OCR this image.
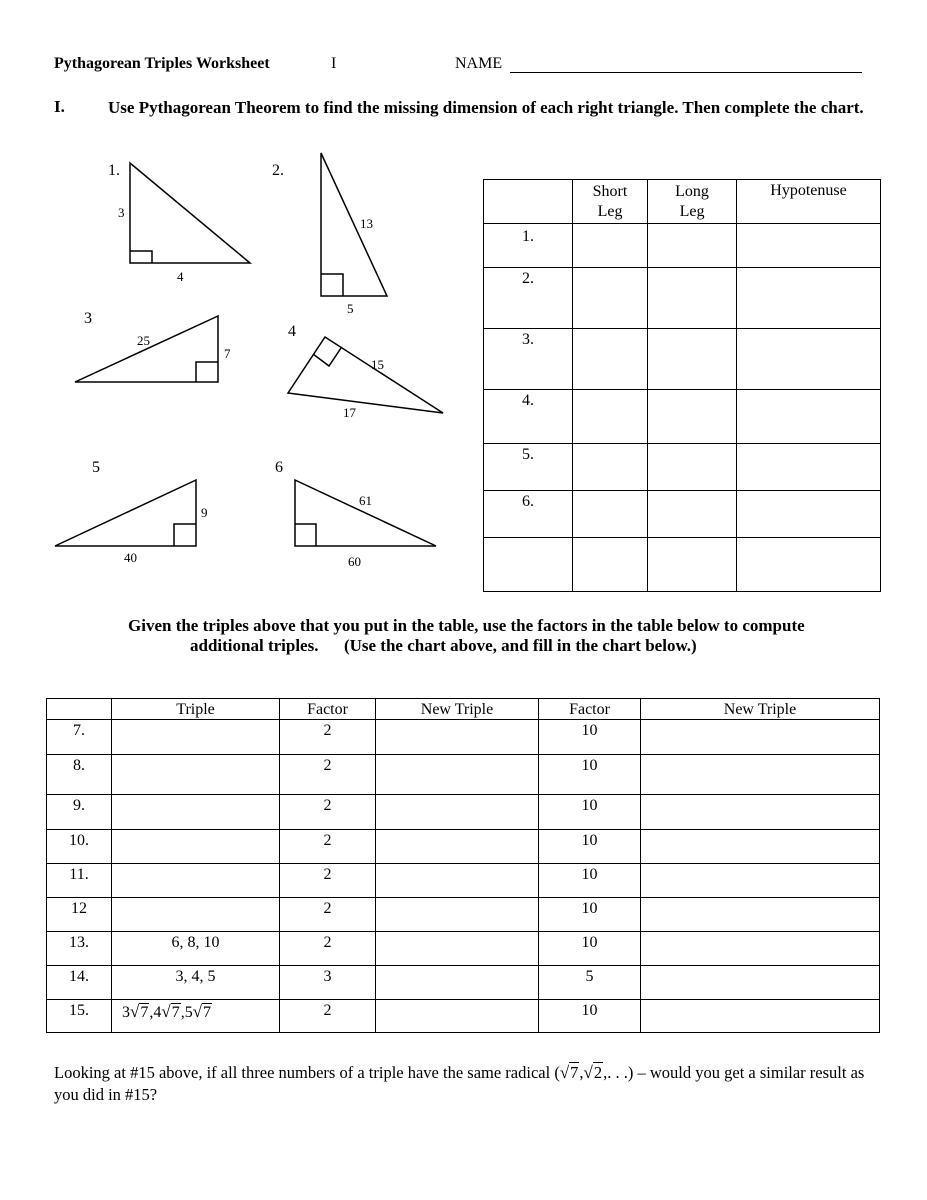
Pythagorean Triples Worksheet	I	NAME
I.	Use Pythagorean Theorem to find the missing dimension of each right triangle. Then complete the chart.
1.	2.
3
4
5	6
3
4
13
5
25
7
15
17
9
40
61
60
	Short Leg	Long Leg	Hypotenuse
1.			
2.			
3.			
4.			
5.			
6.			

Given the triples above that you put in the table, use the factors in the table below to compute
additional triples.      (Use the chart above, and fill in the chart below.)
	Triple	Factor	New Triple	Factor	New Triple
7.		2		10	
8.		2		10	
9.		2		10	
10.		2		10	
11.		2		10	
12		2		10	
13.	6, 8, 10	2		10	
14.	3, 4, 5	3		5	
15.	3√7,4√7,5√7	2		10	
Looking at #15 above, if all three numbers of a triple have the same radical (√7,√2,. . .) – would you get a similar result as you did in #15?
